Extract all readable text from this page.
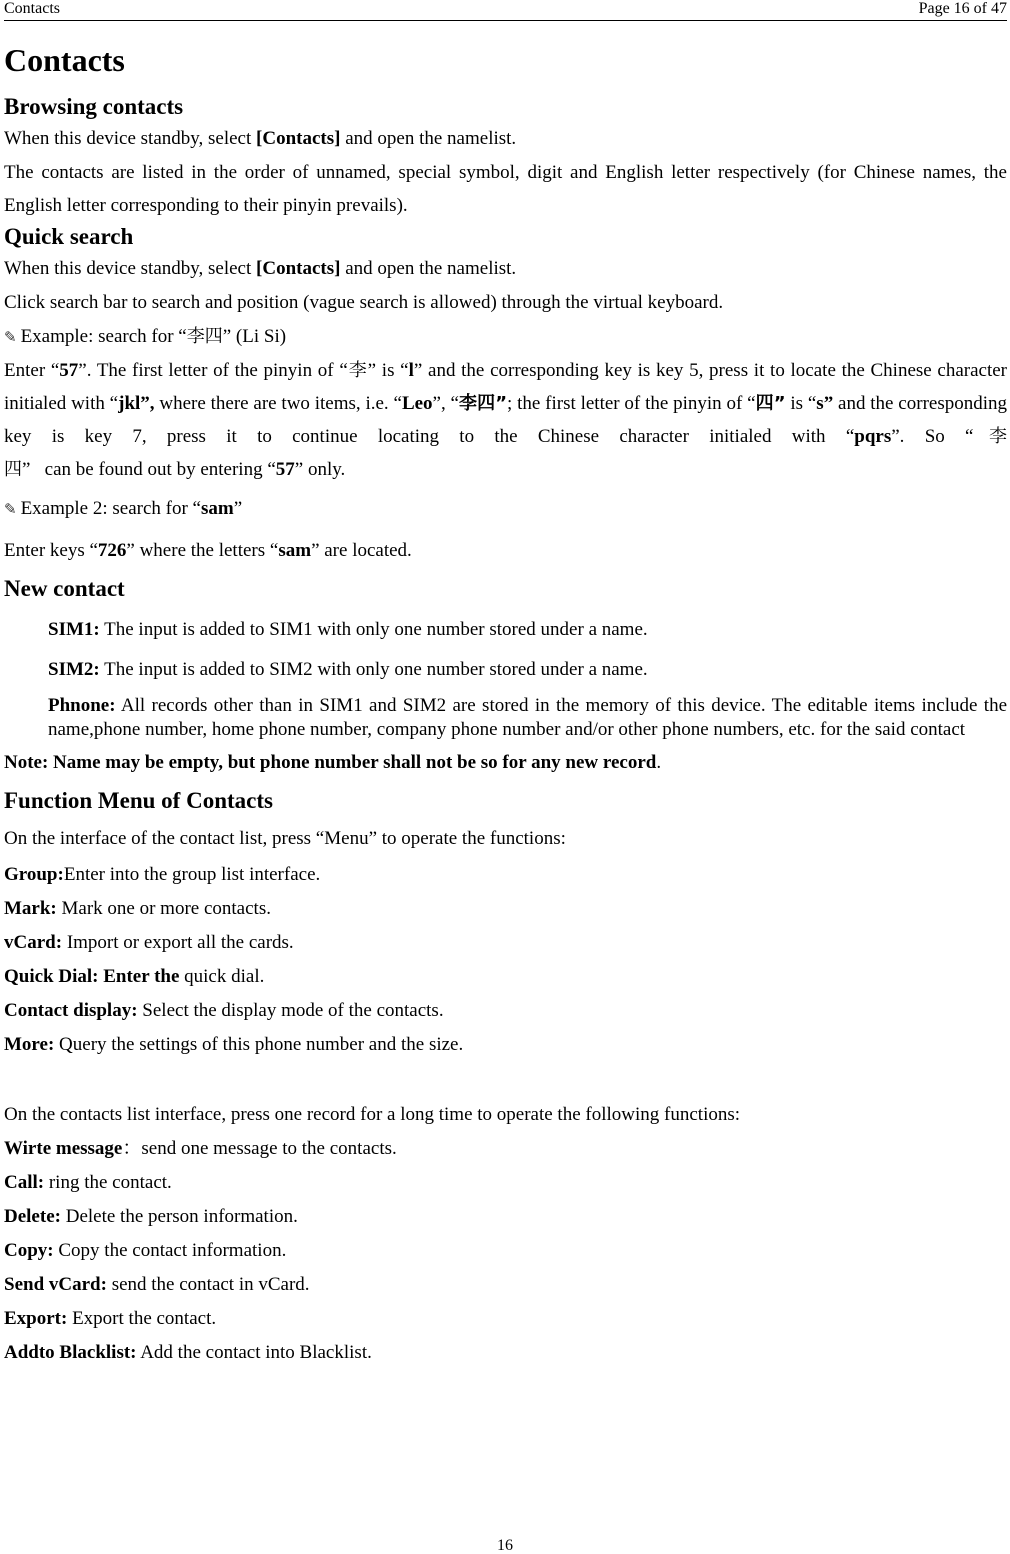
Contacts	Page 16 of 47
Contacts
Browsing contacts

When this device standby, select [Contacts] and open the namelist.

The contacts are listed in the order of unnamed, special symbol, digit and English letter respectively (for Chinese names, the English letter corresponding to their pinyin prevails).

Quick search

When this device standby, select [Contacts] and open the namelist.

Click search bar to search and position (vague search is allowed) through the virtual keyboard.

✎ Example: search for “李四” (Li Si)

Enter “57”. The first letter of the pinyin of “李” is “l” and the corresponding key is key 5, press it to locate the Chinese character initialed with “jkl”, where there are two items, i.e. “Leo”, “李四”; the first letter of the pinyin of “四” is “s” and the corresponding key is key 7, press it to continue locating to the Chinese character initialed with “pqrs”. So “李四”   can be found out by entering “57” only.

✎ Example 2: search for “sam”

Enter keys “726” where the letters “sam” are located.

New contact

SIM1: The input is added to SIM1 with only one number stored under a name.

SIM2: The input is added to SIM2 with only one number stored under a name.

Phnone: All records other than in SIM1 and SIM2 are stored in the memory of this device. The editable items include the name,phone number, home phone number, company phone number and/or other phone numbers, etc. for the said contact

Note: Name may be empty, but phone number shall not be so for any new record.

Function Menu of Contacts

On the interface of the contact list, press “Menu” to operate the functions:

Group:Enter into the group list interface.

Mark: Mark one or more contacts.

vCard: Import or export all the cards.

Quick Dial: Enter the quick dial.

Contact display: Select the display mode of the contacts.

More: Query the settings of this phone number and the size.

On the contacts list interface, press one record for a long time to operate the following functions:

Wirte message：send one message to the contacts.

Call: ring the contact.

Delete: Delete the person information.

Copy: Copy the contact information.

Send vCard: send the contact in vCard.

Export: Export the contact.

Addto Blacklist: Add the contact into Blacklist.

16
